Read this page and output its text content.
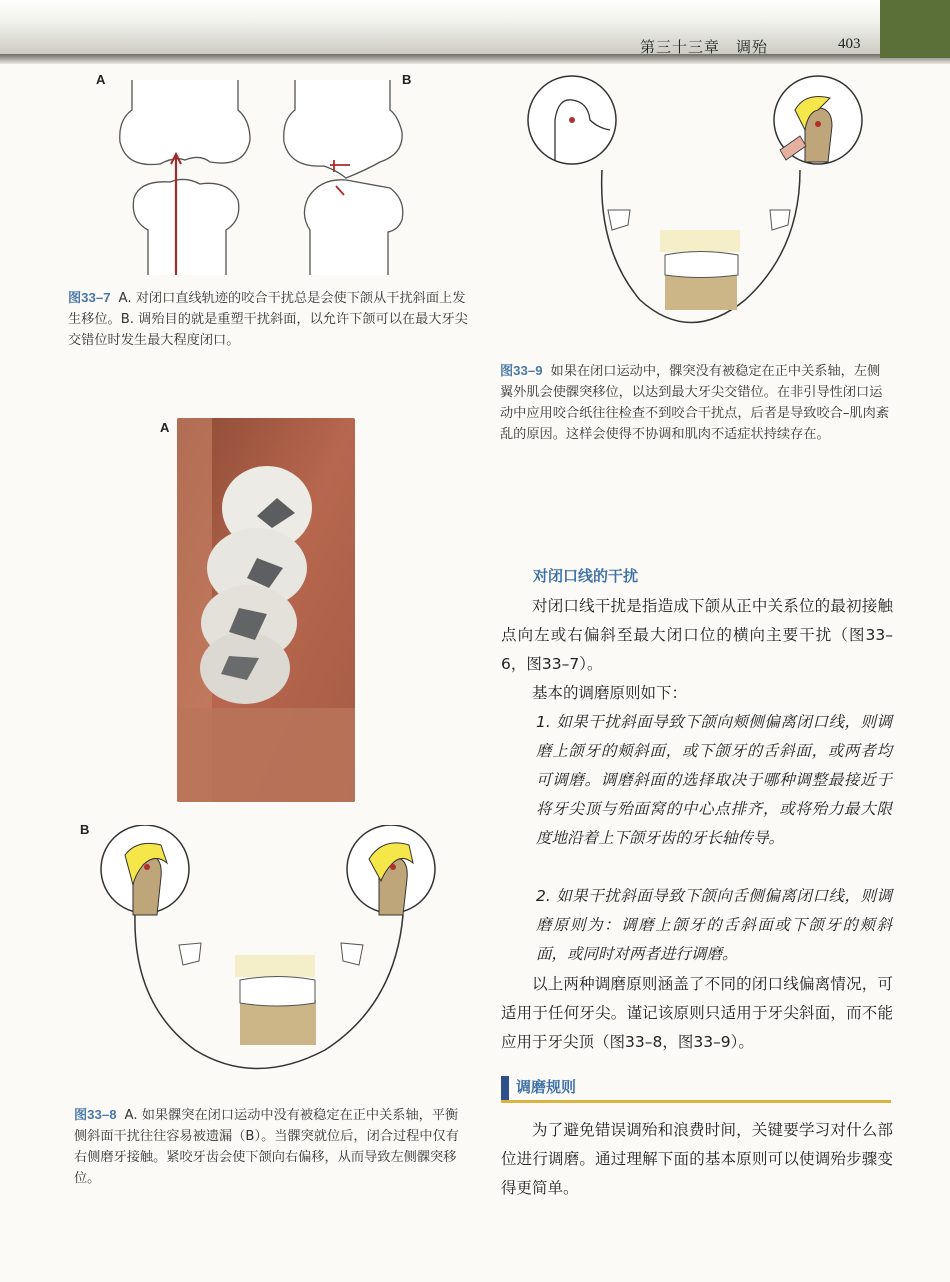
第三十三章　调殆	403
A	B
图33–7 A. 对闭口直线轨迹的咬合干扰总是会使下颌从干扰斜面上发生移位。B. 调殆目的就是重塑干扰斜面，以允许下颌可以在最大牙尖交错位时发生最大程度闭口。
图33–9 如果在闭口运动中，髁突没有被稳定在正中关系轴，左侧翼外肌会使髁突移位，以达到最大牙尖交错位。在非引导性闭口运动中应用咬合纸往往检查不到咬合干扰点，后者是导致咬合–肌肉紊乱的原因。这样会使得不协调和肌肉不适症状持续存在。
A
B
图33–8 A. 如果髁突在闭口运动中没有被稳定在正中关系轴，平衡侧斜面干扰往往容易被遗漏（B）。当髁突就位后，闭合过程中仅有右侧磨牙接触。紧咬牙齿会使下颌向右偏移，从而导致左侧髁突移位。
对闭口线的干扰
对闭口线干扰是指造成下颌从正中关系位的最初接触点向左或右偏斜至最大闭口位的横向主要干扰（图33–6，图33–7）。
基本的调磨原则如下：
1. 如果干扰斜面导致下颌向颊侧偏离闭口线，则调磨上颌牙的颊斜面，或下颌牙的舌斜面，或两者均可调磨。调磨斜面的选择取决于哪种调整最接近于将牙尖顶与殆面窝的中心点排齐，或将殆力最大限度地沿着上下颌牙齿的牙长轴传导。
2. 如果干扰斜面导致下颌向舌侧偏离闭口线，则调磨原则为：调磨上颌牙的舌斜面或下颌牙的颊斜面，或同时对两者进行调磨。
以上两种调磨原则涵盖了不同的闭口线偏离情况，可适用于任何牙尖。谨记该原则只适用于牙尖斜面，而不能应用于牙尖顶（图33–8，图33–9）。
调磨规则
为了避免错误调殆和浪费时间，关键要学习对什么部位进行调磨。通过理解下面的基本原则可以使调殆步骤变得更简单。
